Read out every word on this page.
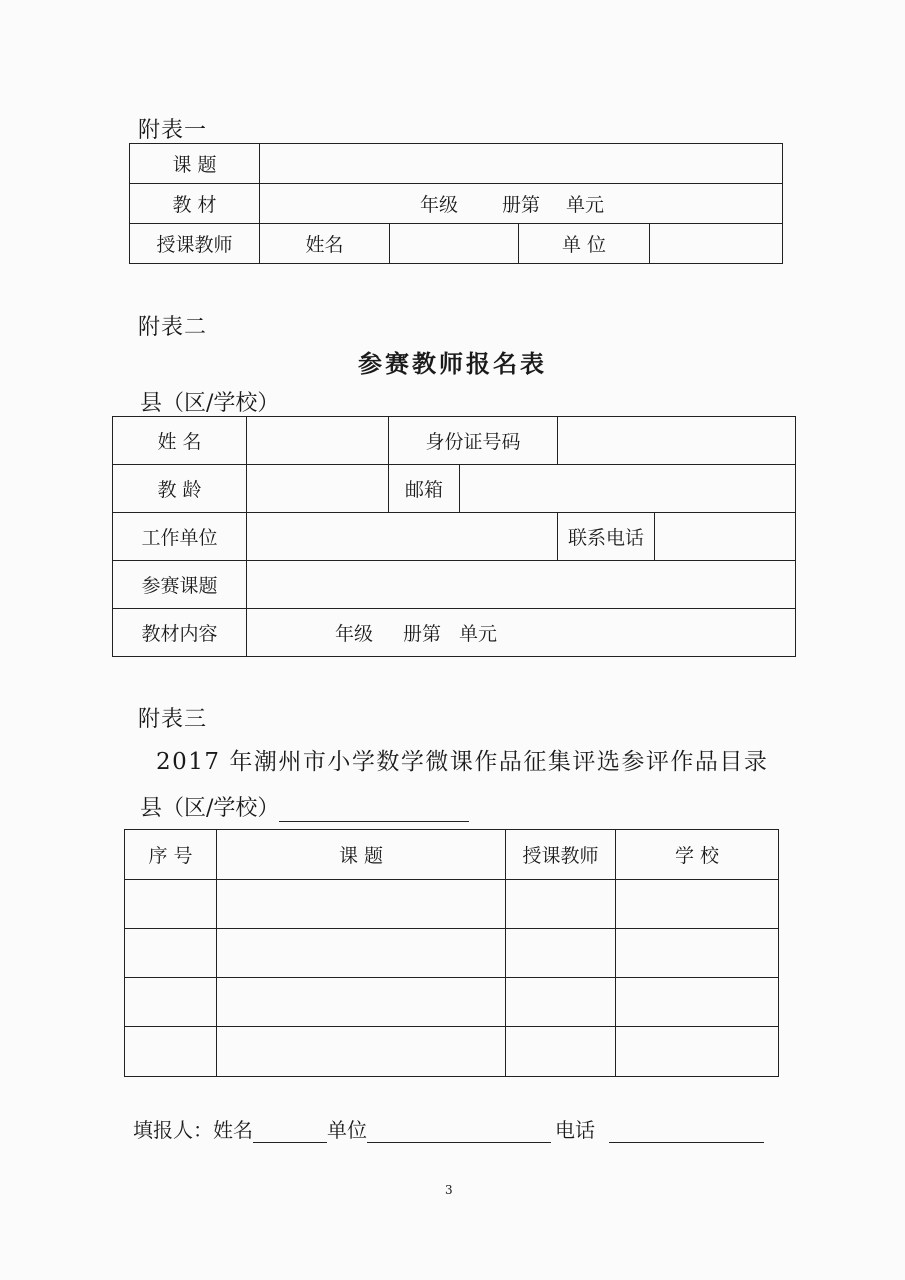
附表一
课 题				
教 材	年级 册第 单元			
授课教师	姓名		单 位	
附表二
参赛教师报名表
县（区/学校）
姓 名		身份证号码			
教 龄		邮箱			
工作单位				联系电话	
参赛课题					
教材内容	年级 册第 单元				
附表三
2017 年潮州市小学数学微课作品征集评选参评作品目录
县（区/学校）
序 号	课 题	授课教师	学 校

填报人：姓名	单位	电话
3
